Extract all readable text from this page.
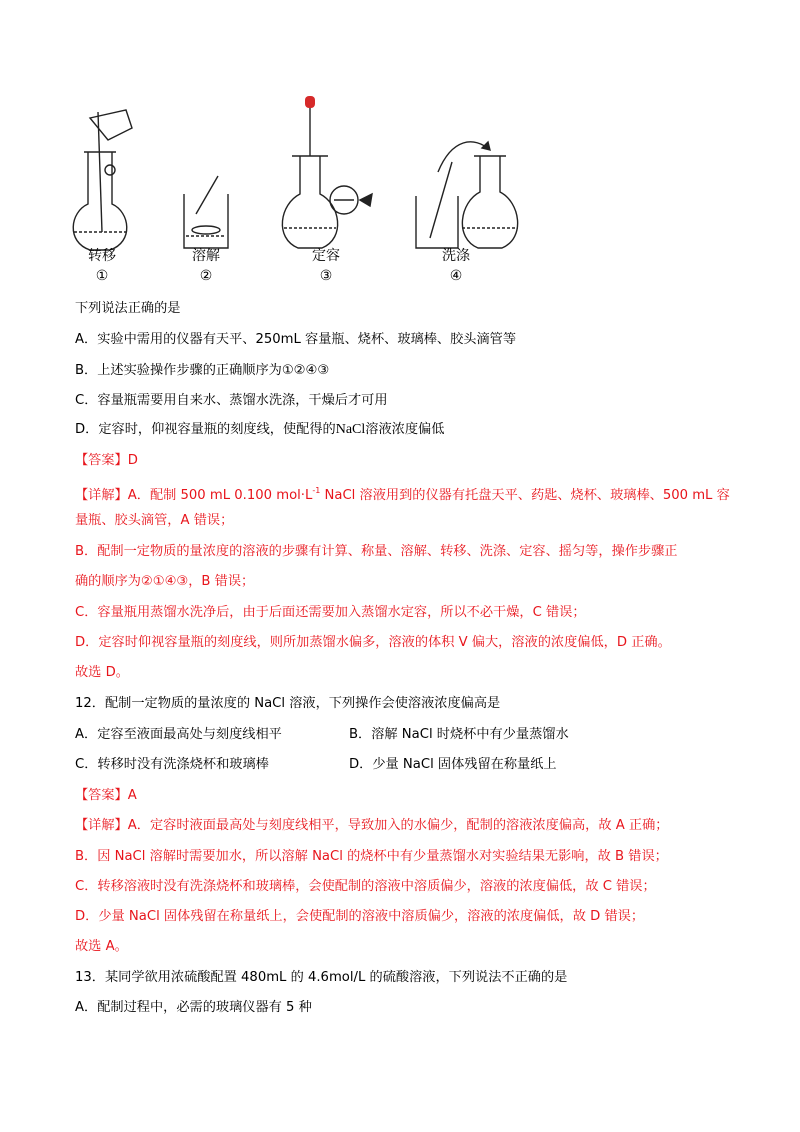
转移
①
溶解
②
定容
③
洗涤
④
下列说法正确的是
A．实验中需用的仪器有天平、250mL 容量瓶、烧杯、玻璃棒、胶头滴管等
B．上述实验操作步骤的正确顺序为①②④③
C．容量瓶需要用自来水、蒸馏水洗涤，干燥后才可用
D．定容时，仰视容量瓶的刻度线，使配得的NaCl溶液浓度偏低
【答案】D
【详解】A．配制 500 mL 0.100 $mol\cdot L^{-1}$ NaCl 溶液用到的仪器有托盘天平、药匙、烧杯、玻璃棒、500 mL 容
量瓶、胶头滴管，A 错误；
B．配制一定物质的量浓度的溶液的步骤有计算、称量、溶解、转移、洗涤、定容、摇匀等，操作步骤正
确的顺序为②①④③，B 错误；
C．容量瓶用蒸馏水洗净后，由于后面还需要加入蒸馏水定容，所以不必干燥，C 错误；
D．定容时仰视容量瓶的刻度线，则所加蒸馏水偏多，溶液的体积 V 偏大，溶液的浓度偏低，D 正确。
故选 D。
12．配制一定物质的量浓度的 NaCl 溶液，下列操作会使溶液浓度偏高是
A．定容至液面最高处与刻度线相平	B．溶解 NaCl 时烧杯中有少量蒸馏水
C．转移时没有洗涤烧杯和玻璃棒	D．少量 NaCl 固体残留在称量纸上
【答案】A
【详解】A．定容时液面最高处与刻度线相平，导致加入的水偏少，配制的溶液浓度偏高，故 A 正确；
B．因 NaCl 溶解时需要加水，所以溶解 NaCl 的烧杯中有少量蒸馏水对实验结果无影响，故 B 错误；
C．转移溶液时没有洗涤烧杯和玻璃棒，会使配制的溶液中溶质偏少，溶液的浓度偏低，故 C 错误；
D．少量 NaCl 固体残留在称量纸上，会使配制的溶液中溶质偏少，溶液的浓度偏低，故 D 错误；
故选 A。
13．某同学欲用浓硫酸配置 480mL 的 4.6mol/L 的硫酸溶液，下列说法不正确的是
A．配制过程中，必需的玻璃仪器有 5 种
